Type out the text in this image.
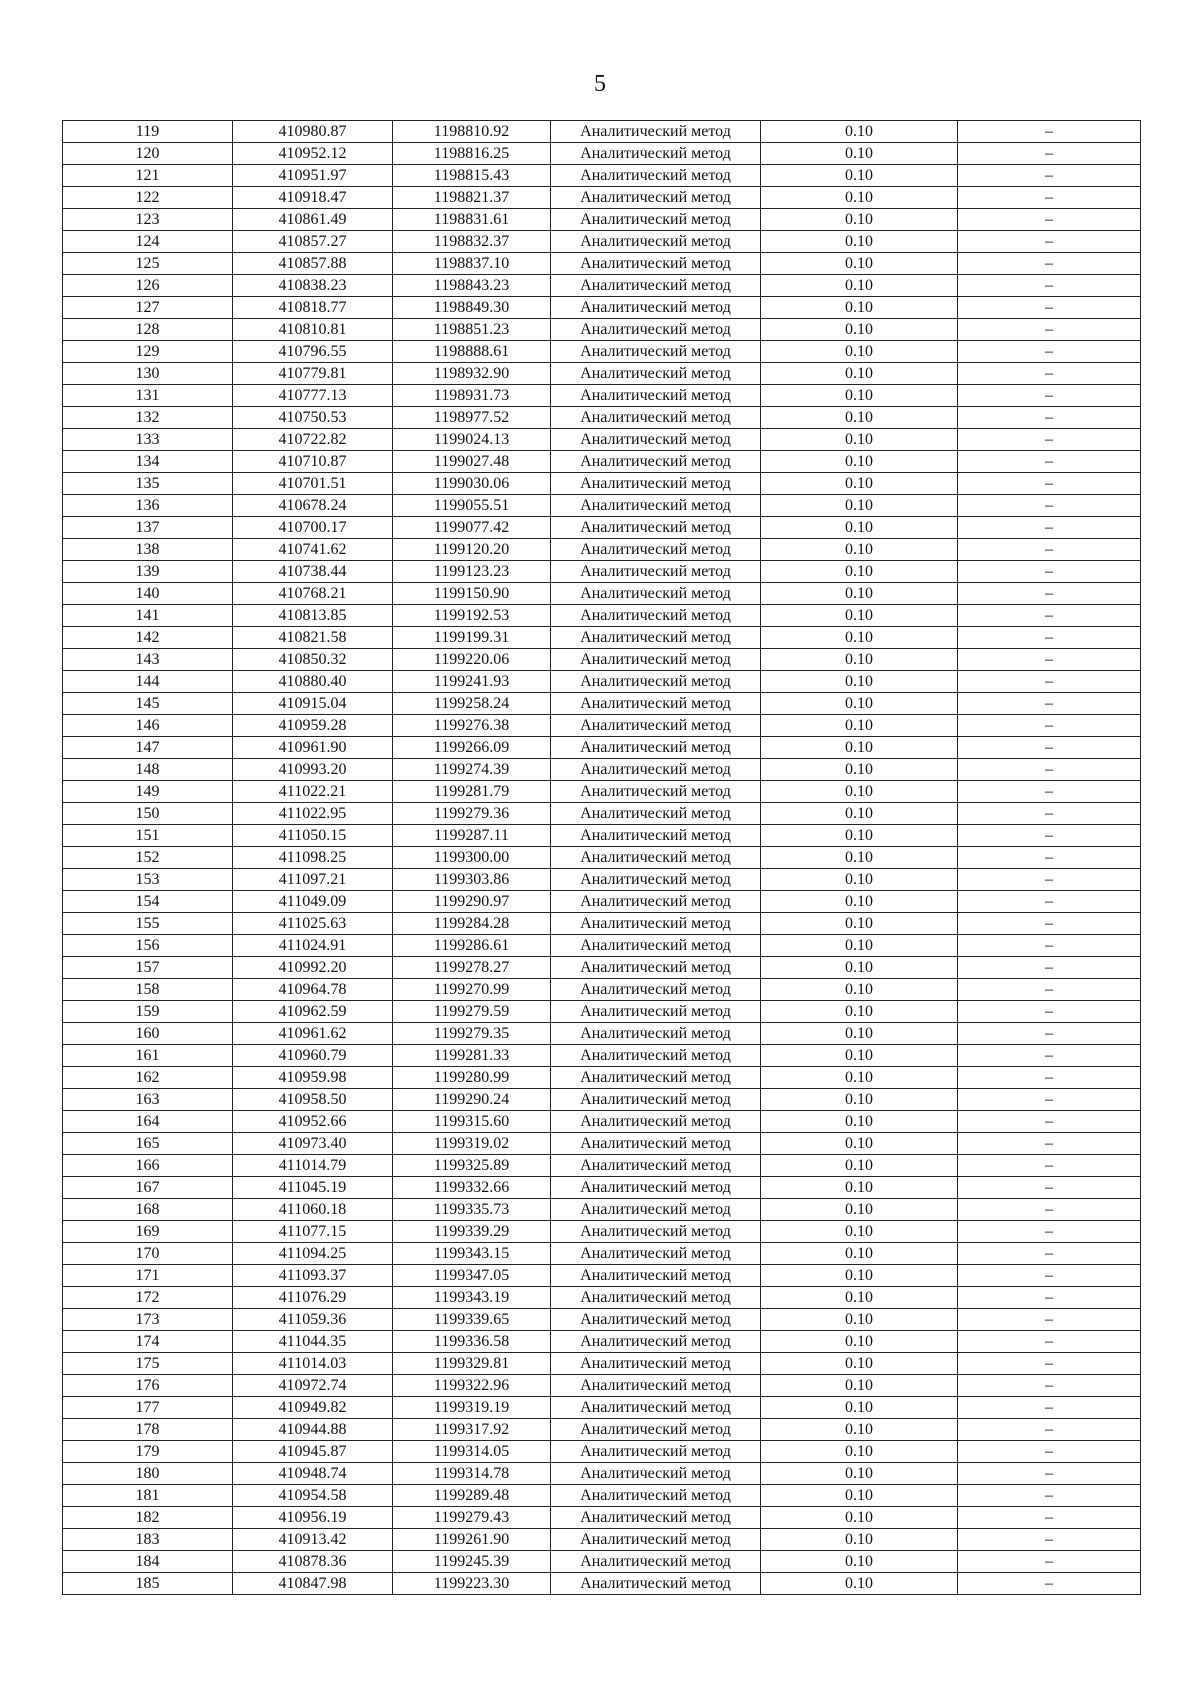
5
119	410980.87	1198810.92	Аналитический метод	0.10	–
120	410952.12	1198816.25	Аналитический метод	0.10	–
121	410951.97	1198815.43	Аналитический метод	0.10	–
122	410918.47	1198821.37	Аналитический метод	0.10	–
123	410861.49	1198831.61	Аналитический метод	0.10	–
124	410857.27	1198832.37	Аналитический метод	0.10	–
125	410857.88	1198837.10	Аналитический метод	0.10	–
126	410838.23	1198843.23	Аналитический метод	0.10	–
127	410818.77	1198849.30	Аналитический метод	0.10	–
128	410810.81	1198851.23	Аналитический метод	0.10	–
129	410796.55	1198888.61	Аналитический метод	0.10	–
130	410779.81	1198932.90	Аналитический метод	0.10	–
131	410777.13	1198931.73	Аналитический метод	0.10	–
132	410750.53	1198977.52	Аналитический метод	0.10	–
133	410722.82	1199024.13	Аналитический метод	0.10	–
134	410710.87	1199027.48	Аналитический метод	0.10	–
135	410701.51	1199030.06	Аналитический метод	0.10	–
136	410678.24	1199055.51	Аналитический метод	0.10	–
137	410700.17	1199077.42	Аналитический метод	0.10	–
138	410741.62	1199120.20	Аналитический метод	0.10	–
139	410738.44	1199123.23	Аналитический метод	0.10	–
140	410768.21	1199150.90	Аналитический метод	0.10	–
141	410813.85	1199192.53	Аналитический метод	0.10	–
142	410821.58	1199199.31	Аналитический метод	0.10	–
143	410850.32	1199220.06	Аналитический метод	0.10	–
144	410880.40	1199241.93	Аналитический метод	0.10	–
145	410915.04	1199258.24	Аналитический метод	0.10	–
146	410959.28	1199276.38	Аналитический метод	0.10	–
147	410961.90	1199266.09	Аналитический метод	0.10	–
148	410993.20	1199274.39	Аналитический метод	0.10	–
149	411022.21	1199281.79	Аналитический метод	0.10	–
150	411022.95	1199279.36	Аналитический метод	0.10	–
151	411050.15	1199287.11	Аналитический метод	0.10	–
152	411098.25	1199300.00	Аналитический метод	0.10	–
153	411097.21	1199303.86	Аналитический метод	0.10	–
154	411049.09	1199290.97	Аналитический метод	0.10	–
155	411025.63	1199284.28	Аналитический метод	0.10	–
156	411024.91	1199286.61	Аналитический метод	0.10	–
157	410992.20	1199278.27	Аналитический метод	0.10	–
158	410964.78	1199270.99	Аналитический метод	0.10	–
159	410962.59	1199279.59	Аналитический метод	0.10	–
160	410961.62	1199279.35	Аналитический метод	0.10	–
161	410960.79	1199281.33	Аналитический метод	0.10	–
162	410959.98	1199280.99	Аналитический метод	0.10	–
163	410958.50	1199290.24	Аналитический метод	0.10	–
164	410952.66	1199315.60	Аналитический метод	0.10	–
165	410973.40	1199319.02	Аналитический метод	0.10	–
166	411014.79	1199325.89	Аналитический метод	0.10	–
167	411045.19	1199332.66	Аналитический метод	0.10	–
168	411060.18	1199335.73	Аналитический метод	0.10	–
169	411077.15	1199339.29	Аналитический метод	0.10	–
170	411094.25	1199343.15	Аналитический метод	0.10	–
171	411093.37	1199347.05	Аналитический метод	0.10	–
172	411076.29	1199343.19	Аналитический метод	0.10	–
173	411059.36	1199339.65	Аналитический метод	0.10	–
174	411044.35	1199336.58	Аналитический метод	0.10	–
175	411014.03	1199329.81	Аналитический метод	0.10	–
176	410972.74	1199322.96	Аналитический метод	0.10	–
177	410949.82	1199319.19	Аналитический метод	0.10	–
178	410944.88	1199317.92	Аналитический метод	0.10	–
179	410945.87	1199314.05	Аналитический метод	0.10	–
180	410948.74	1199314.78	Аналитический метод	0.10	–
181	410954.58	1199289.48	Аналитический метод	0.10	–
182	410956.19	1199279.43	Аналитический метод	0.10	–
183	410913.42	1199261.90	Аналитический метод	0.10	–
184	410878.36	1199245.39	Аналитический метод	0.10	–
185	410847.98	1199223.30	Аналитический метод	0.10	–
